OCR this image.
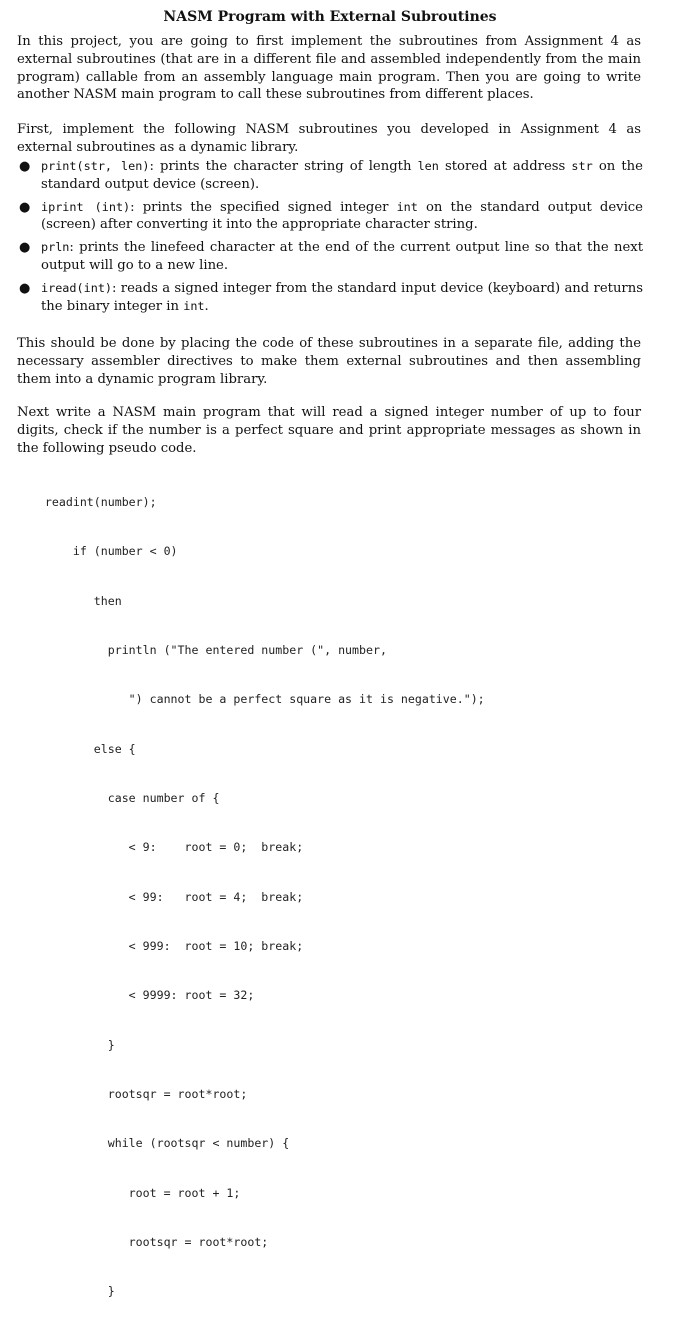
NASM Program with External Subroutines
In this project, you are going to first implement the subroutines from Assignment 4 as external subroutines (that are in a different file and assembled independently from the main program) callable from an assembly language main program. Then you are going to write another NASM main program to call these subroutines from different places.
First, implement the following NASM subroutines you developed in Assignment 4 as external subroutines as a dynamic library.
● print(str, len): prints the character string of length len stored at address str on the standard output device (screen).
● iprint (int): prints the specified signed integer int on the standard output device (screen) after converting it into the appropriate character string.
● prln: prints the linefeed character at the end of the current output line so that the next output will go to a new line.
● iread(int): reads a signed integer from the standard input device (keyboard) and returns the binary integer in int.
This should be done by placing the code of these subroutines in a separate file, adding the necessary assembler directives to make them external subroutines and then assembling them into a dynamic program library.
Next write a NASM main program that will read a signed integer number of up to four digits, check if the number is a perfect square and print appropriate messages as shown in the following pseudo code.

readint(number);

if (number < 0)

then

println ("The entered number (", number,

") cannot be a perfect square as it is negative.");

else {

case number of {

< 9:    root = 0;  break;

< 99:   root = 4;  break;

< 999:  root = 10; break;

< 9999: root = 32;

}

rootsqr = root*root;

while (rootsqr < number) {

root = root + 1;

rootsqr = root*root;

}
